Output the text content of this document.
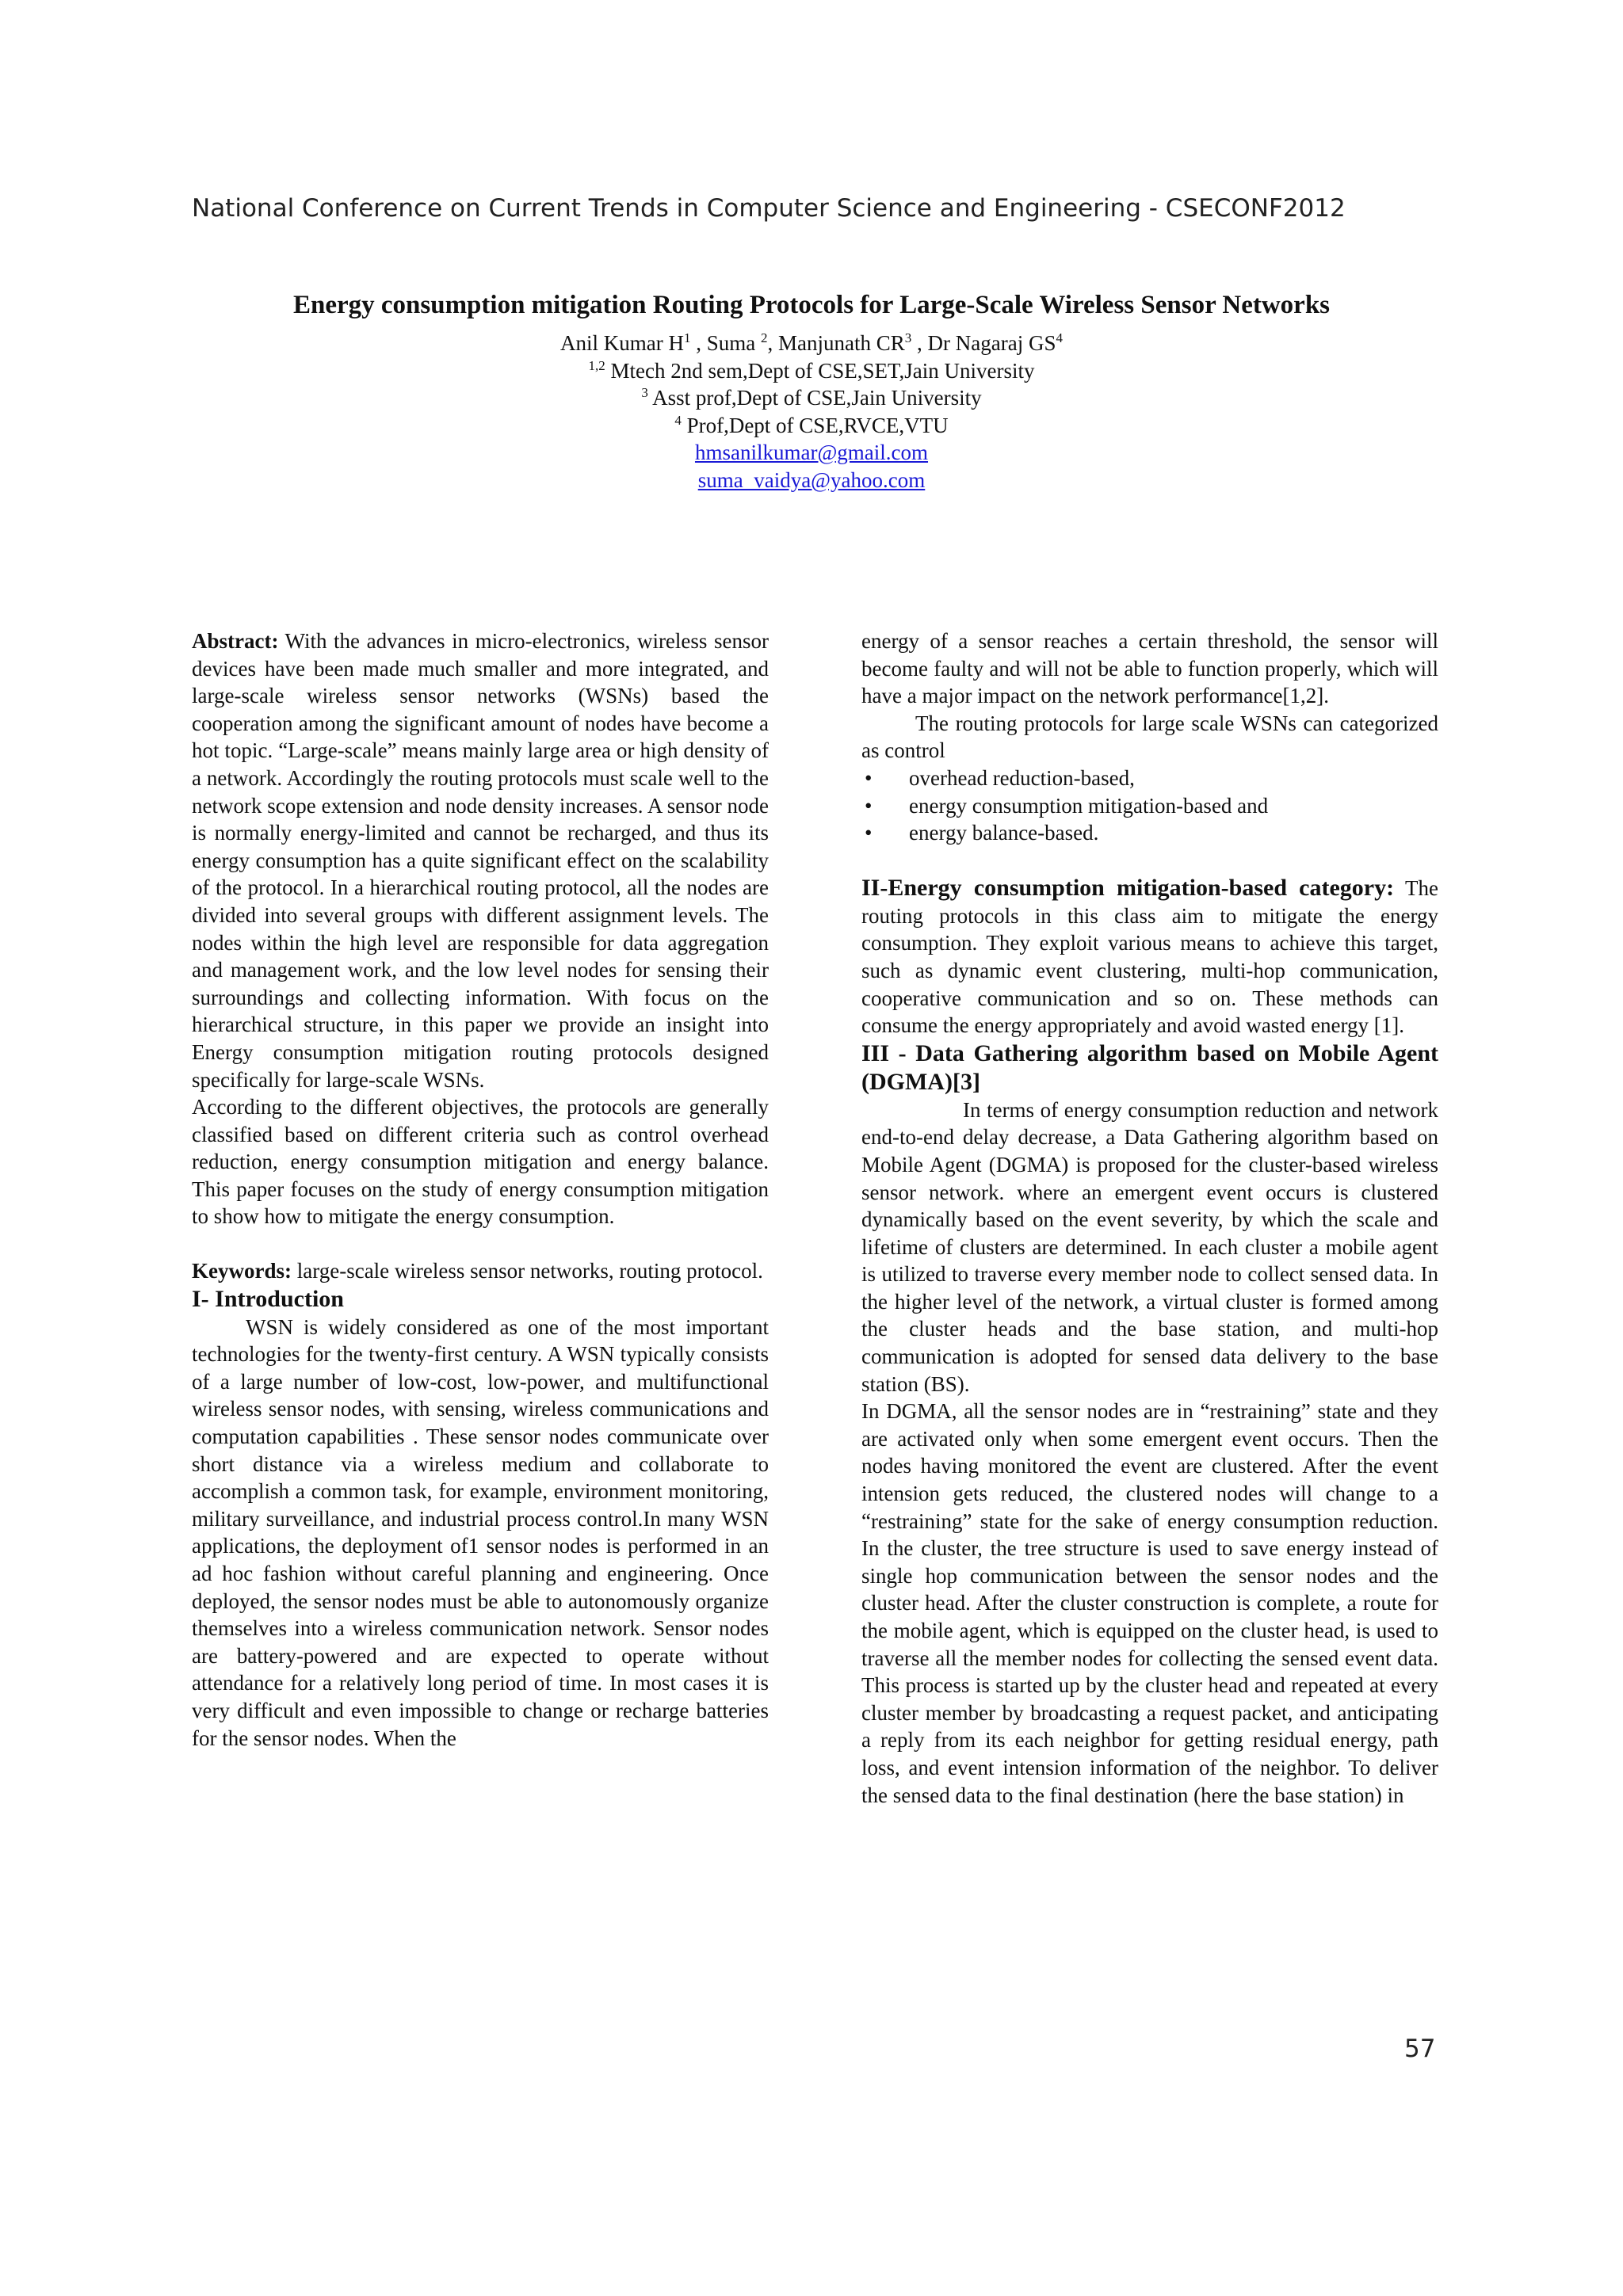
National Conference on Current Trends in Computer Science and Engineering - CSECONF2012
Energy consumption mitigation Routing Protocols for Large-Scale Wireless Sensor Networks
Anil Kumar $H^1$ , Suma $^2$, Manjunath $CR^3$ , Dr Nagaraj $GS^4$
$^{1,2}$ Mtech 2nd sem,Dept of CSE,SET,Jain University
$^3$ Asst prof,Dept of CSE,Jain University
$^4$ Prof,Dept of CSE,RVCE,VTU
hmsanilkumar@gmail.com
suma_vaidya@yahoo.com

Abstract: With the advances in micro-electronics, wireless sensor devices have been made much smaller and more integrated, and large-scale wireless sensor networks (WSNs) based the cooperation among the significant amount of nodes have become a hot topic. “Large-scale” means mainly large area or high density of a network. Accordingly the routing protocols must scale well to the network scope extension and node density increases. A sensor node is normally energy-limited and cannot be recharged, and thus its energy consumption has a quite significant effect on the scalability of the protocol. In a hierarchical routing protocol, all the nodes are divided into several groups with different assignment levels. The nodes within the high level are responsible for data aggregation and management work, and the low level nodes for sensing their surroundings and collecting information. With focus on the hierarchical structure, in this paper we provide an insight into Energy consumption mitigation routing protocols designed specifically for large-scale WSNs.

According to the different objectives, the protocols are generally classified based on different criteria such as control overhead reduction, energy consumption mitigation and energy balance. This paper focuses on the study of energy consumption mitigation to show how to mitigate the energy consumption.

Keywords: large-scale wireless sensor networks, routing protocol.

I- Introduction

WSN is widely considered as one of the most important technologies for the twenty-first century. A WSN typically consists of a large number of low-cost, low-power, and multifunctional wireless sensor nodes, with sensing, wireless communications and computation capabilities . These sensor nodes communicate over short distance via a wireless medium and collaborate to accomplish a common task, for example, environment monitoring, military surveillance, and industrial process control.In many WSN applications, the deployment of1 sensor nodes is performed in an ad hoc fashion without careful planning and engineering. Once deployed, the sensor nodes must be able to autonomously organize themselves into a wireless communication network. Sensor nodes are battery-powered and are expected to operate without attendance for a relatively long period of time. In most cases it is very difficult and even impossible to change or recharge batteries for the sensor nodes. When the

energy of a sensor reaches a certain threshold, the sensor will become faulty and will not be able to function properly, which will have a major impact on the network performance[1,2].

The routing protocols for large scale WSNs can categorized as control

• overhead reduction-based,
• energy consumption mitigation-based and
• energy balance-based.

II-Energy consumption mitigation-based category: The routing protocols in this class aim to mitigate the energy consumption. They exploit various means to achieve this target, such as dynamic event clustering, multi-hop communication, cooperative communication and so on. These methods can consume the energy appropriately and avoid wasted energy [1].

III - Data Gathering algorithm based on Mobile Agent (DGMA)[3]

In terms of energy consumption reduction and network end-to-end delay decrease, a Data Gathering algorithm based on Mobile Agent (DGMA) is proposed for the cluster-based wireless sensor network. where an emergent event occurs is clustered dynamically based on the event severity, by which the scale and lifetime of clusters are determined. In each cluster a mobile agent is utilized to traverse every member node to collect sensed data. In the higher level of the network, a virtual cluster is formed among the cluster heads and the base station, and multi-hop communication is adopted for sensed data delivery to the base station (BS).

In DGMA, all the sensor nodes are in “restraining” state and they are activated only when some emergent event occurs. Then the nodes having monitored the event are clustered. After the event intension gets reduced, the clustered nodes will change to a “restraining” state for the sake of energy consumption reduction. In the cluster, the tree structure is used to save energy instead of single hop communication between the sensor nodes and the cluster head. After the cluster construction is complete, a route for the mobile agent, which is equipped on the cluster head, is used to traverse all the member nodes for collecting the sensed event data. This process is started up by the cluster head and repeated at every cluster member by broadcasting a request packet, and anticipating a reply from its each neighbor for getting residual energy, path loss, and event intension information of the neighbor. To deliver the sensed data to the final destination (here the base station) in

57
